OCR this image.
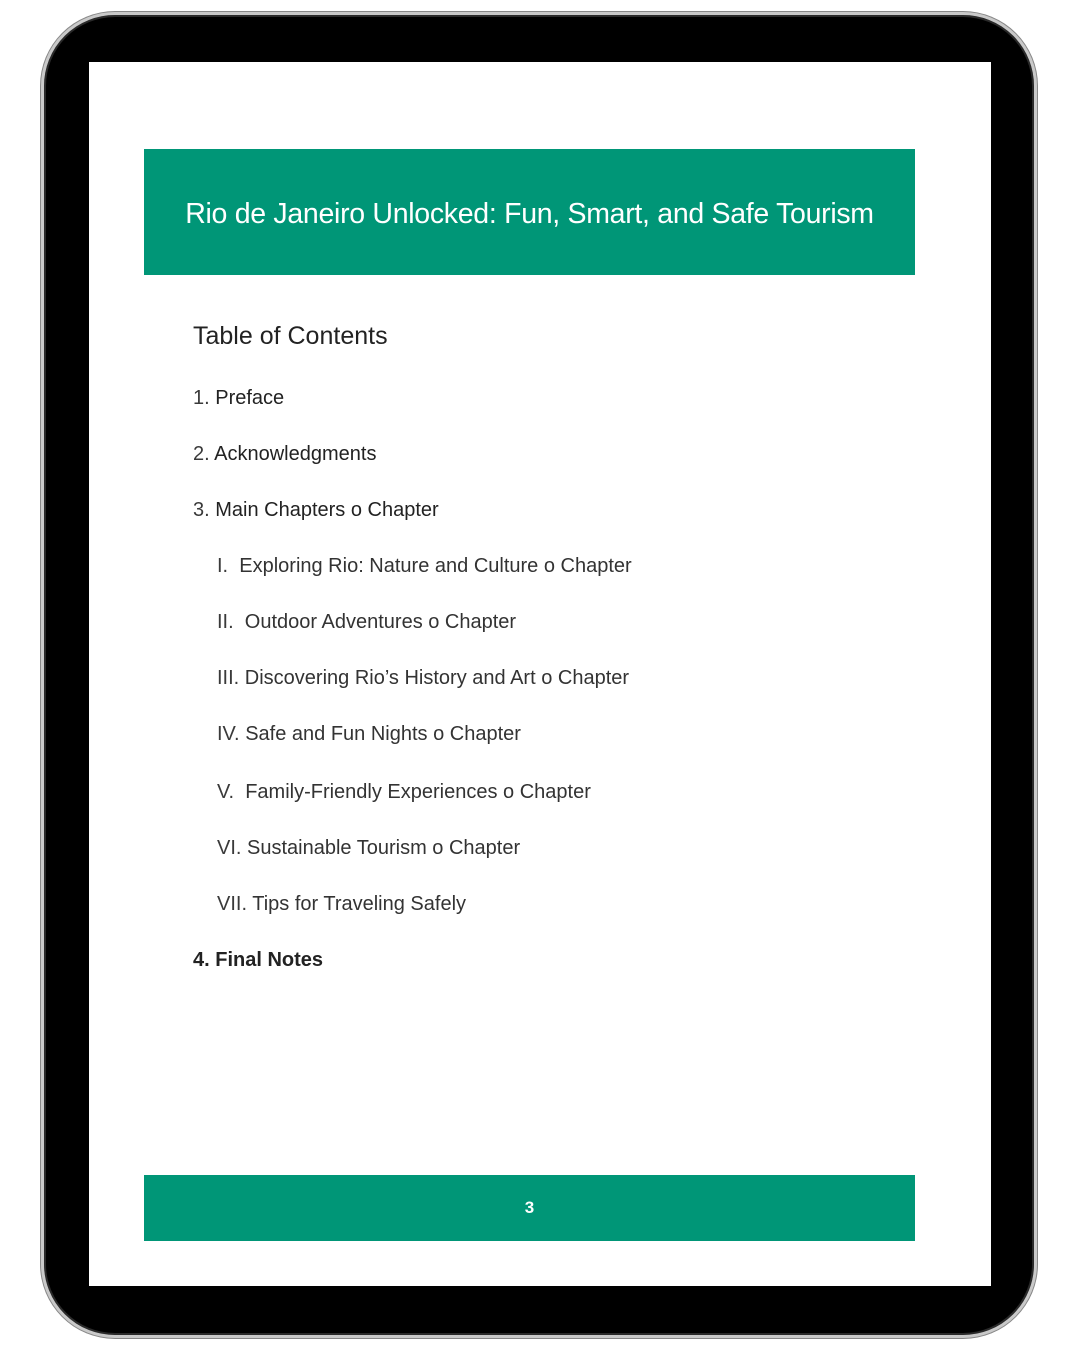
Rio de Janeiro Unlocked: Fun, Smart, and Safe Tourism
Table of Contents
1. Preface
2. Acknowledgments
3. Main Chapters o Chapter
I. Exploring Rio: Nature and Culture o Chapter
II. Outdoor Adventures o Chapter
III. Discovering Rio’s History and Art o Chapter
IV. Safe and Fun Nights o Chapter
V. Family-Friendly Experiences o Chapter
VI. Sustainable Tourism o Chapter
VII. Tips for Traveling Safely
4. Final Notes
3
